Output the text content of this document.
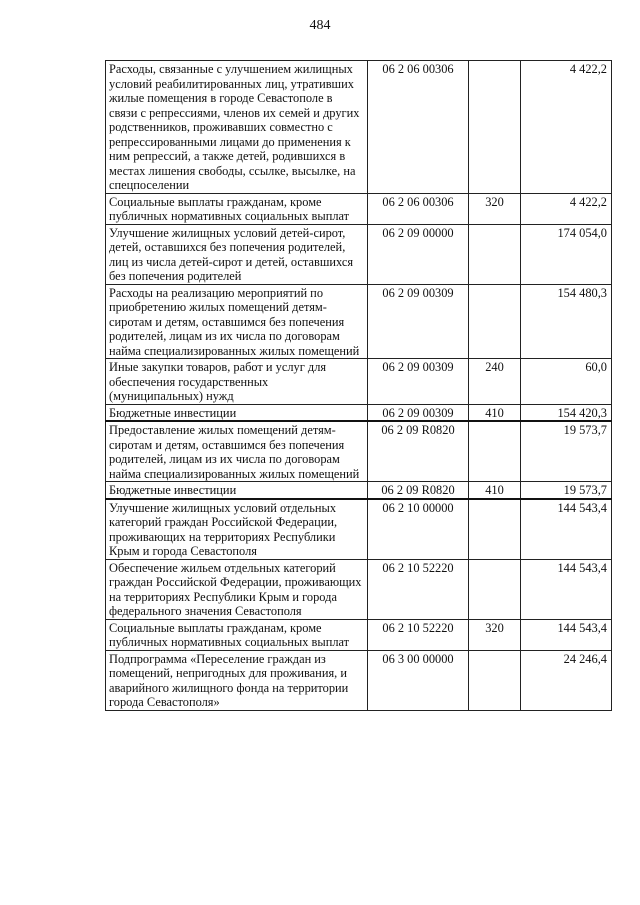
484
Расходы, связанные с улучшением жилищных условий реабилитированных лиц, утративших жилые помещения в городе Севастополе в связи с репрессиями, членов их семей и других родственников, проживавших совместно с репрессированными лицами до применения к ним репрессий, а также детей, родившихся в местах лишения свободы, ссылке, высылке, на спецпоселении	06 2 06 00306		4 422,2
Социальные выплаты гражданам, кроме публичных нормативных социальных выплат	06 2 06 00306	320	4 422,2
Улучшение жилищных условий детей-сирот, детей, оставшихся без попечения родителей, лиц из числа детей-сирот и детей, оставшихся без попечения родителей	06 2 09 00000		174 054,0
Расходы на реализацию мероприятий по приобретению жилых помещений детям-сиротам и детям, оставшимся без попечения родителей, лицам из их числа по договорам найма специализированных жилых помещений	06 2 09 00309		154 480,3
Иные закупки товаров, работ и услуг для обеспечения государственных (муниципальных) нужд	06 2 09 00309	240	60,0
Бюджетные инвестиции	06 2 09 00309	410	154 420,3
Предоставление жилых помещений детям-сиротам и детям, оставшимся без попечения родителей, лицам из их числа по договорам найма специализированных жилых помещений	06 2 09 R0820		19 573,7
Бюджетные инвестиции	06 2 09 R0820	410	19 573,7
Улучшение жилищных условий отдельных категорий граждан Российской Федерации, проживающих на территориях Республики Крым и города Севастополя	06 2 10 00000		144 543,4
Обеспечение жильем отдельных категорий граждан Российской Федерации, проживающих на территориях Республики Крым и города федерального значения Севастополя	06 2 10 52220		144 543,4
Социальные выплаты гражданам, кроме публичных нормативных социальных выплат	06 2 10 52220	320	144 543,4
Подпрограмма «Переселение граждан из помещений, непригодных для проживания, и аварийного жилищного фонда на территории города Севастополя»	06 3 00 00000		24 246,4
